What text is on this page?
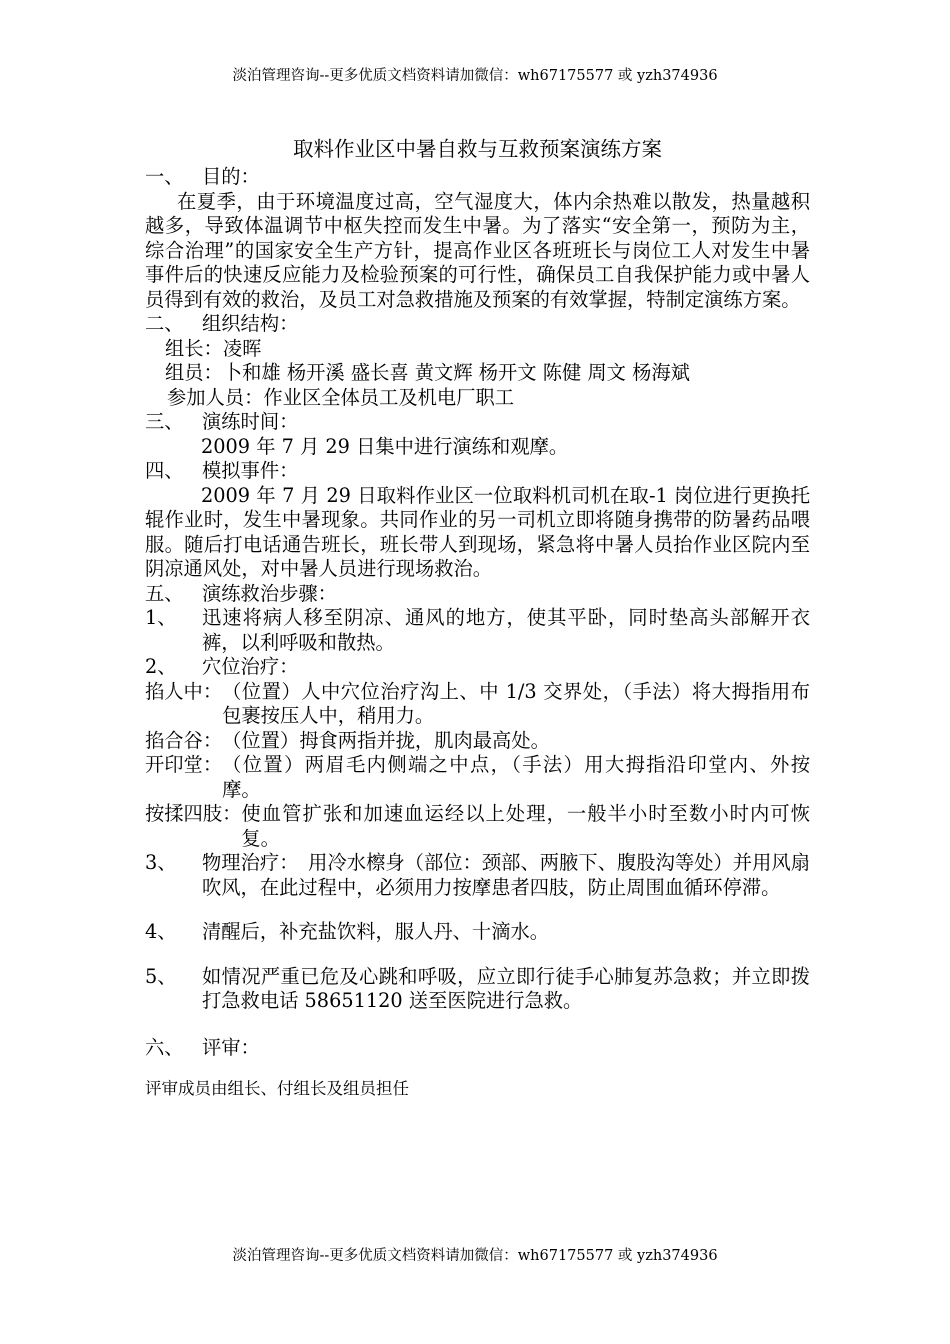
淡泊管理咨询--更多优质文档资料请加微信：wh67175577 或 yzh374936
取料作业区中暑自救与互救预案演练方案
一、 目的：
在夏季，由于环境温度过高，空气湿度大，体内余热难以散发，热量越积越多，导致体温调节中枢失控而发生中暑。为了落实“安全第一，预防为主，综合治理”的国家安全生产方针，提高作业区各班班长与岗位工人对发生中暑事件后的快速反应能力及检验预案的可行性，确保员工自我保护能力或中暑人员得到有效的救治，及员工对急救措施及预案的有效掌握，特制定演练方案。
二、 组织结构：
组长：凌晖
组员：卜和雄 杨开溪 盛长喜 黄文辉 杨开文 陈健 周文 杨海斌
参加人员：作业区全体员工及机电厂职工
三、 演练时间：
2009 年 7 月 29 日集中进行演练和观摩。
四、 模拟事件：
2009 年 7 月 29 日取料作业区一位取料机司机在取-1 岗位进行更换托辊作业时，发生中暑现象。共同作业的另一司机立即将随身携带的防暑药品喂服。随后打电话通告班长，班长带人到现场，紧急将中暑人员抬作业区院内至阴凉通风处，对中暑人员进行现场救治。
五、 演练救治步骤：
1、	迅速将病人移至阴凉、通风的地方，使其平卧，同时垫高头部解开衣裤，以利呼吸和散热。
2、	穴位治疗：
掐人中： （位置）人中穴位治疗沟上、中 1/3 交界处，（手法）将大拇指用布包裹按压人中，稍用力。
掐合谷： （位置）拇食两指并拢，肌肉最高处。
开印堂： （位置）两眉毛内侧端之中点，（手法）用大拇指沿印堂内、外按摩。
按揉四肢： 使血管扩张和加速血运经以上处理，一般半小时至数小时内可恢复。
3、	物理治疗：　用冷水檫身（部位：颈部、两腋下、腹股沟等处）并用风扇吹风，在此过程中，必须用力按摩患者四肢，防止周围血循环停滞。
4、	清醒后，补充盐饮料，服人丹、十滴水。
5、	如情况严重已危及心跳和呼吸，应立即行徒手心肺复苏急救；并立即拨打急救电话 58651120 送至医院进行急救。
六、 评审：
评审成员由组长、付组长及组员担任
淡泊管理咨询--更多优质文档资料请加微信：wh67175577 或 yzh374936
